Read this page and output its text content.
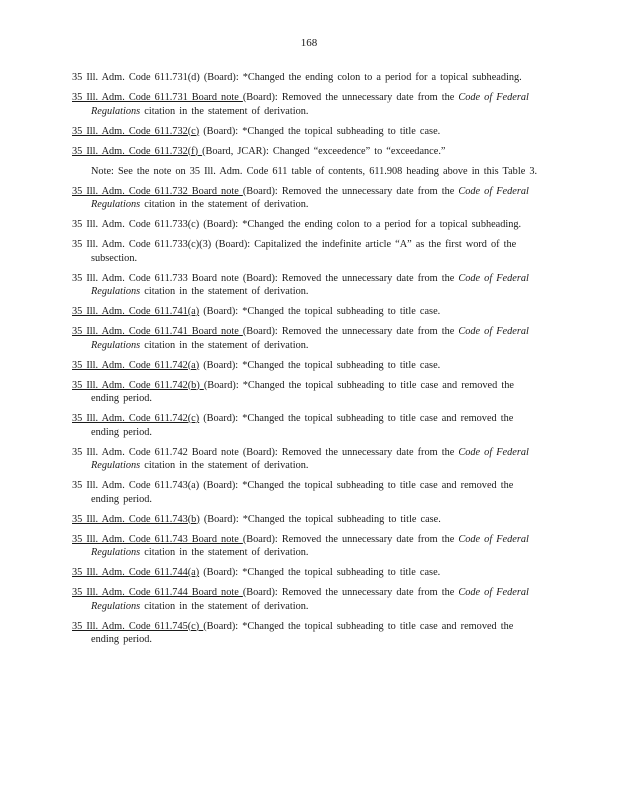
168
35 Ill. Adm. Code 611.731(d) (Board): *Changed the ending colon to a period for a topical subheading.
35 Ill. Adm. Code 611.731 Board note (Board): Removed the unnecessary date from the Code of Federal Regulations citation in the statement of derivation.
35 Ill. Adm. Code 611.732(c) (Board): *Changed the topical subheading to title case.
35 Ill. Adm. Code 611.732(f) (Board, JCAR): Changed “exceedence” to “exceedance.”
Note: See the note on 35 Ill. Adm. Code 611 table of contents, 611.908 heading above in this Table 3.
35 Ill. Adm. Code 611.732 Board note (Board): Removed the unnecessary date from the Code of Federal Regulations citation in the statement of derivation.
35 Ill. Adm. Code 611.733(c) (Board): *Changed the ending colon to a period for a topical subheading.
35 Ill. Adm. Code 611.733(c)(3) (Board): Capitalized the indefinite article “A” as the first word of the subsection.
35 Ill. Adm. Code 611.733 Board note (Board): Removed the unnecessary date from the Code of Federal Regulations citation in the statement of derivation.
35 Ill. Adm. Code 611.741(a) (Board): *Changed the topical subheading to title case.
35 Ill. Adm. Code 611.741 Board note (Board): Removed the unnecessary date from the Code of Federal Regulations citation in the statement of derivation.
35 Ill. Adm. Code 611.742(a) (Board): *Changed the topical subheading to title case.
35 Ill. Adm. Code 611.742(b) (Board): *Changed the topical subheading to title case and removed the ending period.
35 Ill. Adm. Code 611.742(c) (Board): *Changed the topical subheading to title case and removed the ending period.
35 Ill. Adm. Code 611.742 Board note (Board): Removed the unnecessary date from the Code of Federal Regulations citation in the statement of derivation.
35 Ill. Adm. Code 611.743(a) (Board): *Changed the topical subheading to title case and removed the ending period.
35 Ill. Adm. Code 611.743(b) (Board): *Changed the topical subheading to title case.
35 Ill. Adm. Code 611.743 Board note (Board): Removed the unnecessary date from the Code of Federal Regulations citation in the statement of derivation.
35 Ill. Adm. Code 611.744(a) (Board): *Changed the topical subheading to title case.
35 Ill. Adm. Code 611.744 Board note (Board): Removed the unnecessary date from the Code of Federal Regulations citation in the statement of derivation.
35 Ill. Adm. Code 611.745(c) (Board): *Changed the topical subheading to title case and removed the ending period.
